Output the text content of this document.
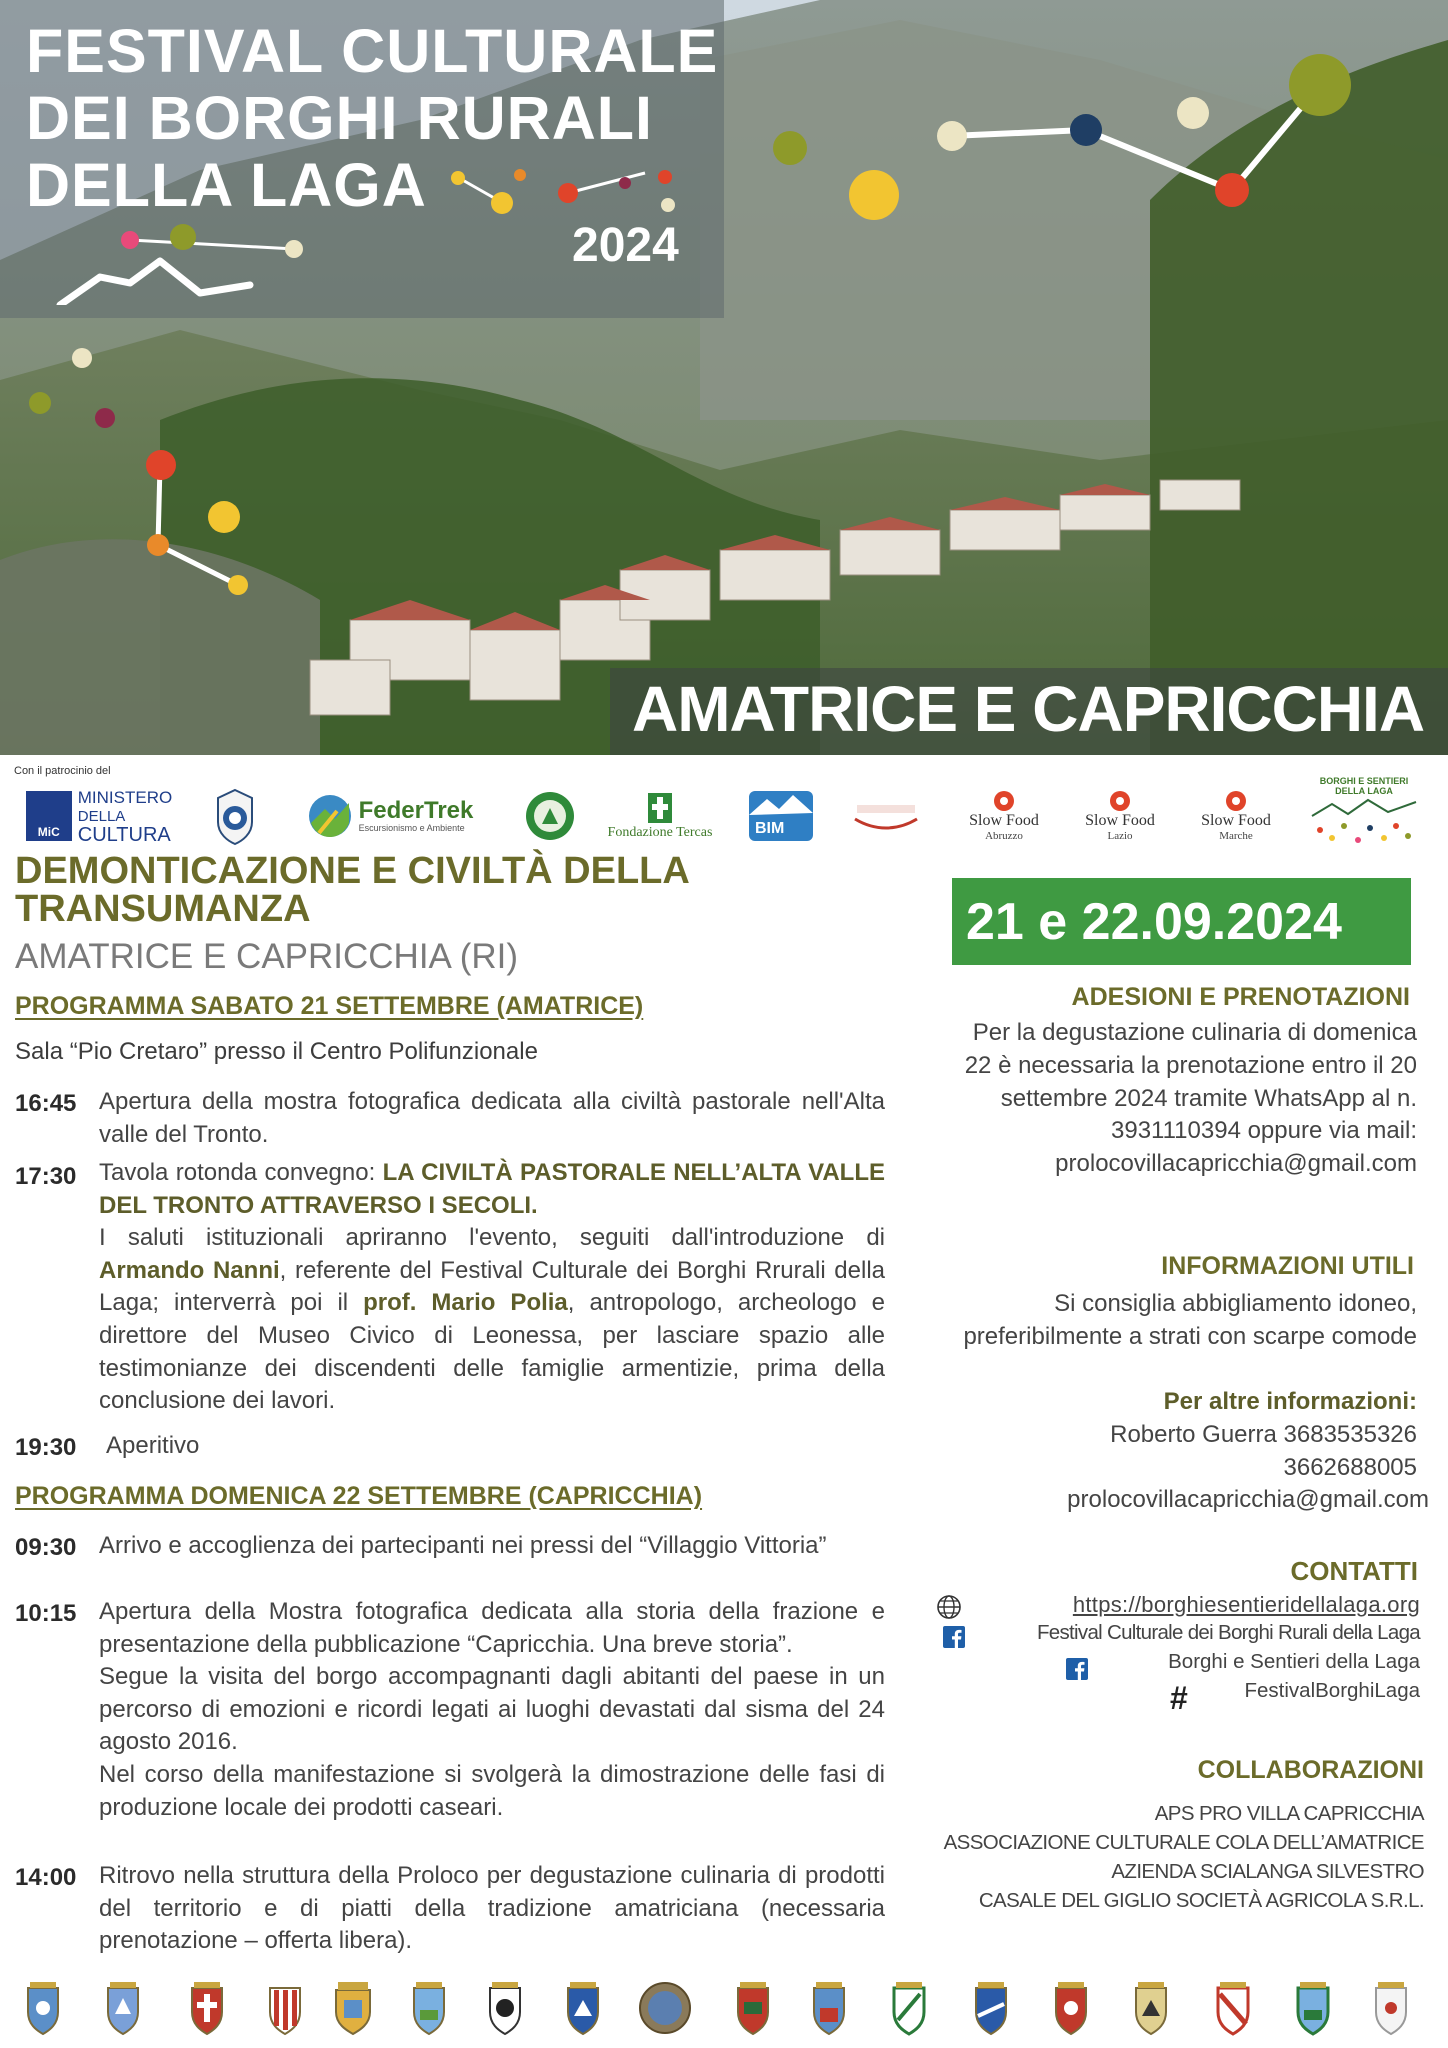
FESTIVAL CULTURALE
DEI BORGHI RURALI
DELLA LAGA
2024
AMATRICE E CAPRICCHIA
Con il patrocinio del
MiC
MINISTERO
DELLA
CULTURA
FederTrek
Escursionismo e Ambiente	Fondazione Tercas	BIM	Slow Food
Abruzzo
Slow Food
Lazio
Slow Food
Marche
BORGHI E SENTIERI
DELLA LAGA
DEMONTICAZIONE E CIVILTÀ DELLA
TRANSUMANZA
AMATRICE E CAPRICCHIA (RI)
PROGRAMMA SABATO 21 SETTEMBRE (AMATRICE)
Sala “Pio Cretaro” presso il Centro Polifunzionale
16:45 Apertura della mostra fotografica dedicata alla civiltà pastorale nell'Alta valle del Tronto.
17:30 Tavola rotonda convegno: LA CIVILTÀ PASTORALE NELL’ALTA VALLE DEL TRONTO ATTRAVERSO I SECOLI.
I saluti istituzionali apriranno l'evento, seguiti dall'introduzione di Armando Nanni, referente del Festival Culturale dei Borghi Rrurali della Laga; interverrà poi il prof. Mario Polia, antropologo, archeologo e direttore del Museo Civico di Leonessa, per lasciare spazio alle testimonianze dei discendenti delle famiglie armentizie, prima della conclusione dei lavori.
19:30 Aperitivo
PROGRAMMA DOMENICA 22 SETTEMBRE (CAPRICCHIA)
09:30 Arrivo e accoglienza dei partecipanti nei pressi del “Villaggio Vittoria”
10:15 Apertura della Mostra fotografica dedicata alla storia della frazione e presentazione della pubblicazione “Capricchia. Una breve storia”.
Segue la visita del borgo accompagnanti dagli abitanti del paese in un percorso di emozioni e ricordi legati ai luoghi devastati dal sisma del 24 agosto 2016.
Nel corso della manifestazione si svolgerà la dimostrazione delle fasi di produzione locale dei prodotti caseari.
14:00 Ritrovo nella struttura della Proloco per degustazione culinaria di prodotti del territorio e di piatti della tradizione amatriciana (necessaria prenotazione – offerta libera).
21 e 22.09.2024
ADESIONI E PRENOTAZIONI
Per la degustazione culinaria di domenica 22 è necessaria la prenotazione entro il 20 settembre 2024 tramite WhatsApp al n. 3931110394 oppure via mail: prolocovillacapricchia@gmail.com
INFORMAZIONI UTILI
Si consiglia abbigliamento idoneo, preferibilmente a strati con scarpe comode
Per altre informazioni:
Roberto Guerra 3683535326
3662688005
prolocovillacapricchia@gmail.com
CONTATTI
https://borghiesentieridellalaga.org
Festival Culturale dei Borghi Rurali della Laga
Borghi e Sentieri della Laga
#	FestivalBorghiLaga
COLLABORAZIONI
APS PRO VILLA CAPRICCHIA
ASSOCIAZIONE CULTURALE COLA DELL’AMATRICE
AZIENDA SCIALANGA SILVESTRO
CASALE DEL GIGLIO SOCIETÀ AGRICOLA S.R.L.
